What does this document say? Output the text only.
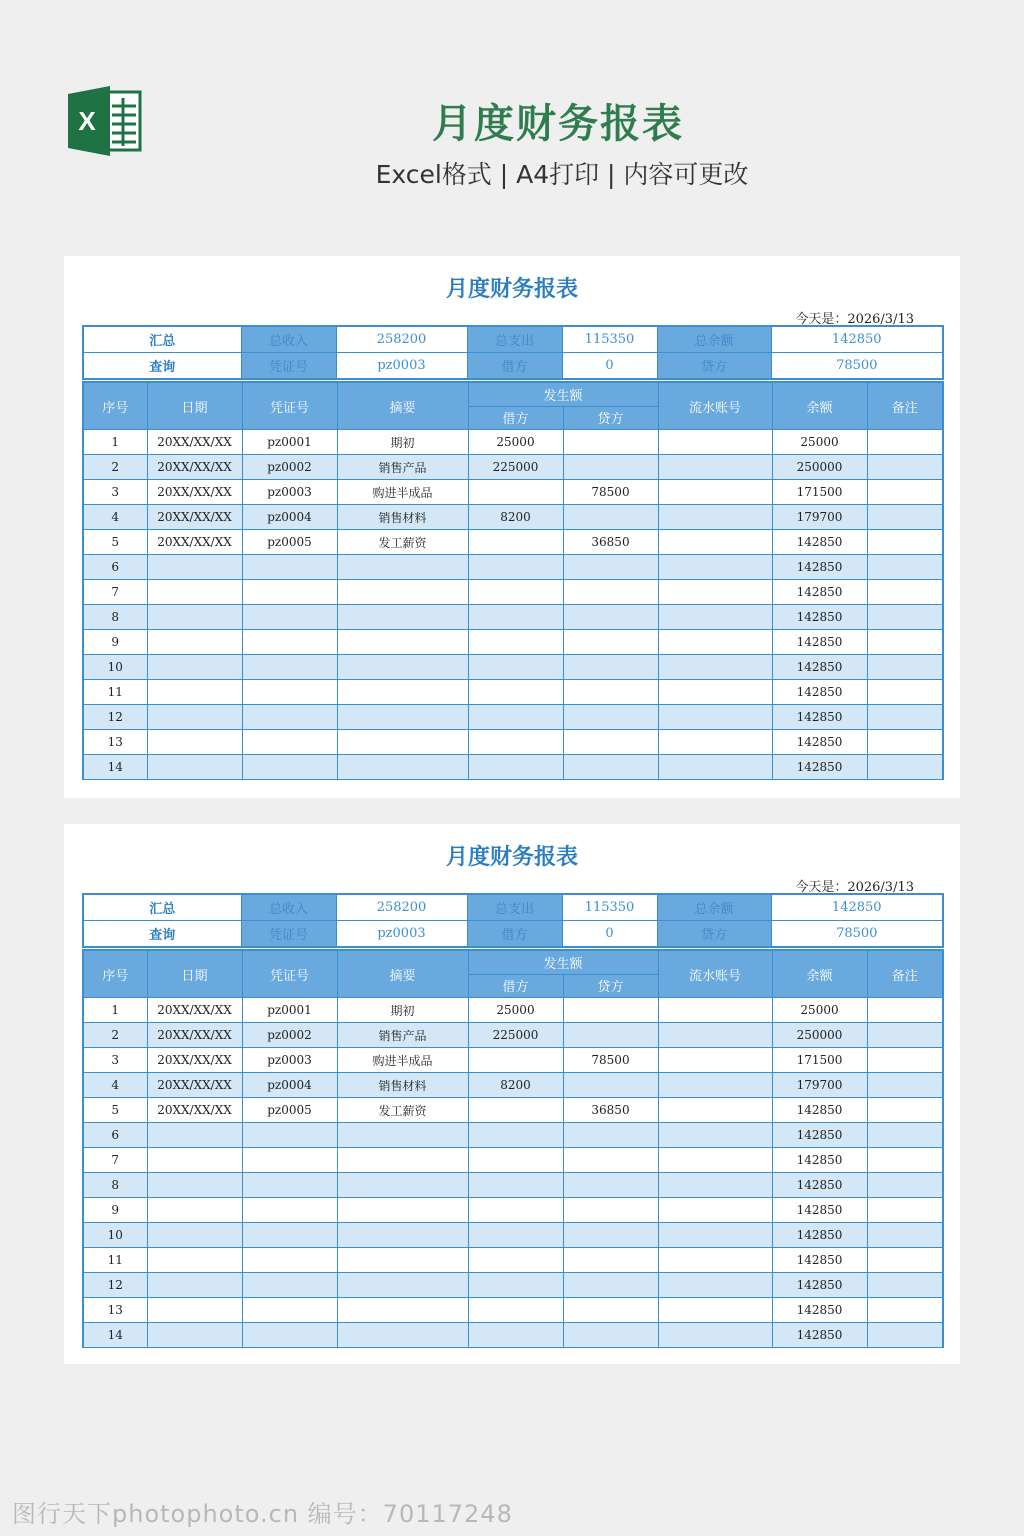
X	月度财务报表
Excel格式 | A4打印 | 内容可更改
月度财务报表
今天是：2026/3/13
汇总	总收入	258200	总支出	115350	总余额	142850
查询	凭证号	pz0003	借方	0	贷方	78500
序号	日期	凭证号	摘要	发生额		流水账号	余额	备注
				借方	贷方			
1	20XX/XX/XX	pz0001	期初	25000			25000	
2	20XX/XX/XX	pz0002	销售产品	225000			250000	
3	20XX/XX/XX	pz0003	购进半成品		78500		171500	
4	20XX/XX/XX	pz0004	销售材料	8200			179700	
5	20XX/XX/XX	pz0005	发工薪资		36850		142850	
6							142850	
7							142850	
8							142850	
9							142850	
10							142850	
11							142850	
12							142850	
13							142850	
14							142850	
月度财务报表
今天是：2026/3/13
汇总	总收入	258200	总支出	115350	总余额	142850
查询	凭证号	pz0003	借方	0	贷方	78500
序号	日期	凭证号	摘要	发生额		流水账号	余额	备注
				借方	贷方			
1	20XX/XX/XX	pz0001	期初	25000			25000	
2	20XX/XX/XX	pz0002	销售产品	225000			250000	
3	20XX/XX/XX	pz0003	购进半成品		78500		171500	
4	20XX/XX/XX	pz0004	销售材料	8200			179700	
5	20XX/XX/XX	pz0005	发工薪资		36850		142850	
6							142850	
7							142850	
8							142850	
9							142850	
10							142850	
11							142850	
12							142850	
13							142850	
14							142850	
图行天下photophoto.cn 编号：70117248
